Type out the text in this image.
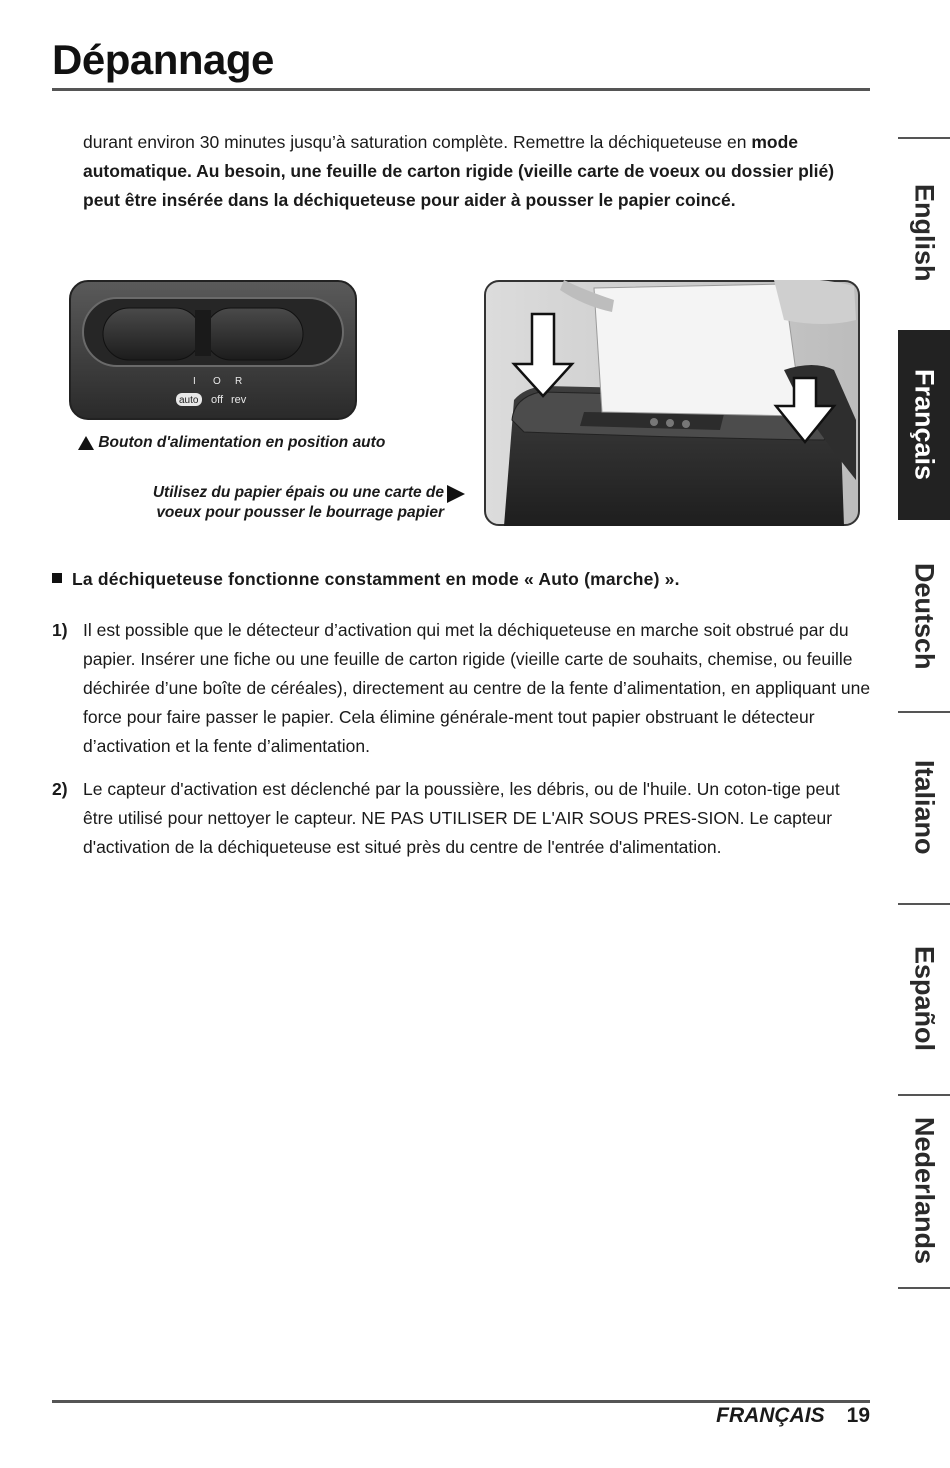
Dépannage
durant environ 30 minutes jusqu’à saturation complète. Remettre la déchiqueteuse en mode automatique. Au besoin, une feuille de carton rigide (vieille carte de voeux ou dossier plié) peut être insérée dans la déchiqueteuse pour aider à pousser le papier coincé.
I O R
auto off rev
Bouton d'alimentation en position auto
Utilisez du papier épais ou une carte de
voeux pour pousser le bourrage papier
La déchiqueteuse fonctionne constamment en mode « Auto (marche) ».
1) Il est possible que le détecteur d’activation qui met la déchiqueteuse en marche soit obstrué par du papier. Insérer une fiche ou une feuille de carton rigide (vieille carte de souhaits, chemise, ou feuille déchirée d’une boîte de céréales), directement au centre de la fente d’alimentation, en appliquant une force pour faire passer le papier. Cela élimine générale-ment tout papier obstruant le détecteur d’activation et la fente d’alimentation.
2) Le capteur d'activation est déclenché par la poussière, les débris, ou de l'huile. Un coton-tige peut être utilisé pour nettoyer le capteur. NE PAS UTILISER DE L'AIR SOUS PRES-SION. Le capteur d'activation de la déchiqueteuse est situé près du centre de l'entrée d'alimentation.
English
Français
Deutsch
Italiano
Español
Nederlands
FRANÇAIS 19
